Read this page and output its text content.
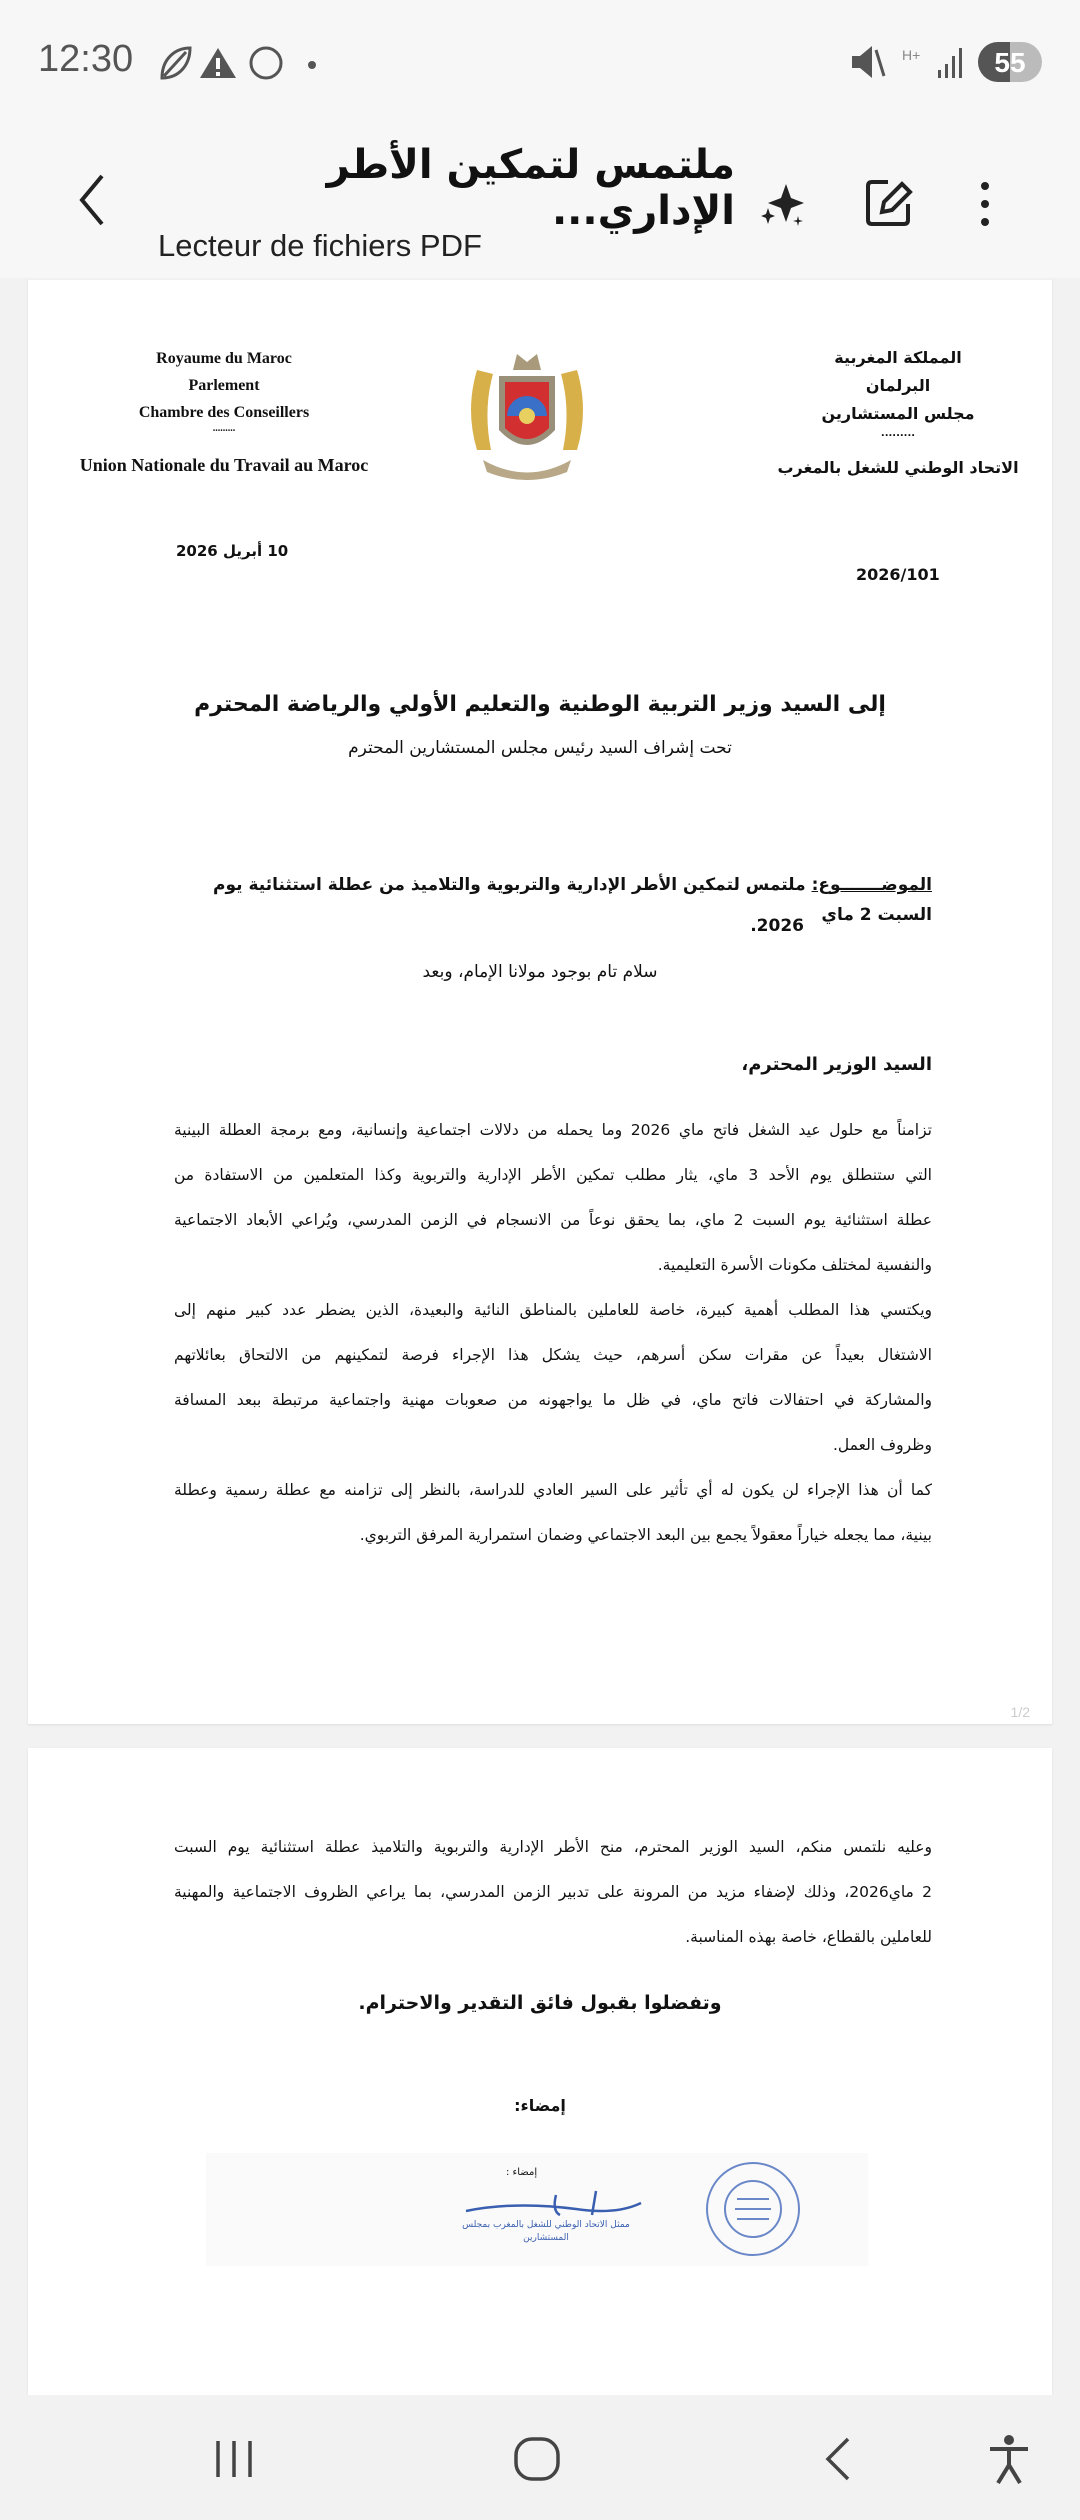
12:30	H+	55
ملتمس لتمكين الأطر الإداري...
Lecteur de fichiers PDF
Royaume du Maroc
Parlement
Chambre des Conseillers
.........
Union Nationale du Travail au Maroc
المملكة المغربية
البرلمان
مجلس المستشارين
.........
الاتحاد الوطني للشغل بالمغرب
10 أبريل 2026
2026/101
إلى السيد وزير التربية الوطنية والتعليم الأولي والرياضة المحترم
تحت إشراف السيد رئيس مجلس المستشارين المحترم
الموضـــــــوع: ملتمس لتمكين الأطر الإدارية والتربوية والتلاميذ من عطلة استثنائية يوم السبت 2 ماي
2026.
سلام تام بوجود مولانا الإمام، وبعد
السيد الوزير المحترم،
تزامناً مع حلول عيد الشغل فاتح ماي 2026 وما يحمله من دلالات اجتماعية وإنسانية، ومع برمجة العطلة البينية
التي ستنطلق يوم الأحد 3 ماي، يثار مطلب تمكين الأطر الإدارية والتربوية وكذا المتعلمين من الاستفادة من
عطلة استثنائية يوم السبت 2 ماي، بما يحقق نوعاً من الانسجام في الزمن المدرسي، ويُراعي الأبعاد الاجتماعية
والنفسية لمختلف مكونات الأسرة التعليمية.
ويكتسي هذا المطلب أهمية كبيرة، خاصة للعاملين بالمناطق النائية والبعيدة، الذين يضطر عدد كبير منهم إلى
الاشتغال بعيداً عن مقرات سكن أسرهم، حيث يشكل هذا الإجراء فرصة لتمكينهم من الالتحاق بعائلاتهم
والمشاركة في احتفالات فاتح ماي، في ظل ما يواجهونه من صعوبات مهنية واجتماعية مرتبطة ببعد المسافة
وظروف العمل.
كما أن هذا الإجراء لن يكون له أي تأثير على السير العادي للدراسة، بالنظر إلى تزامنه مع عطلة رسمية وعطلة
بينية، مما يجعله خياراً معقولاً يجمع بين البعد الاجتماعي وضمان استمرارية المرفق التربوي.
1/2
وعليه نلتمس منكم، السيد الوزير المحترم، منح الأطر الإدارية والتربوية والتلاميذ عطلة استثنائية يوم السبت
2 ماي2026، وذلك لإضفاء مزيد من المرونة على تدبير الزمن المدرسي، بما يراعي الظروف الاجتماعية والمهنية
للعاملين بالقطاع، خاصة بهذه المناسبة.
وتفضلوا بقبول فائق التقدير والاحترام.
إمضاء:
إمضاء :
ممثل الاتحاد الوطني للشغل بالمغرب بمجلس المستشارين
